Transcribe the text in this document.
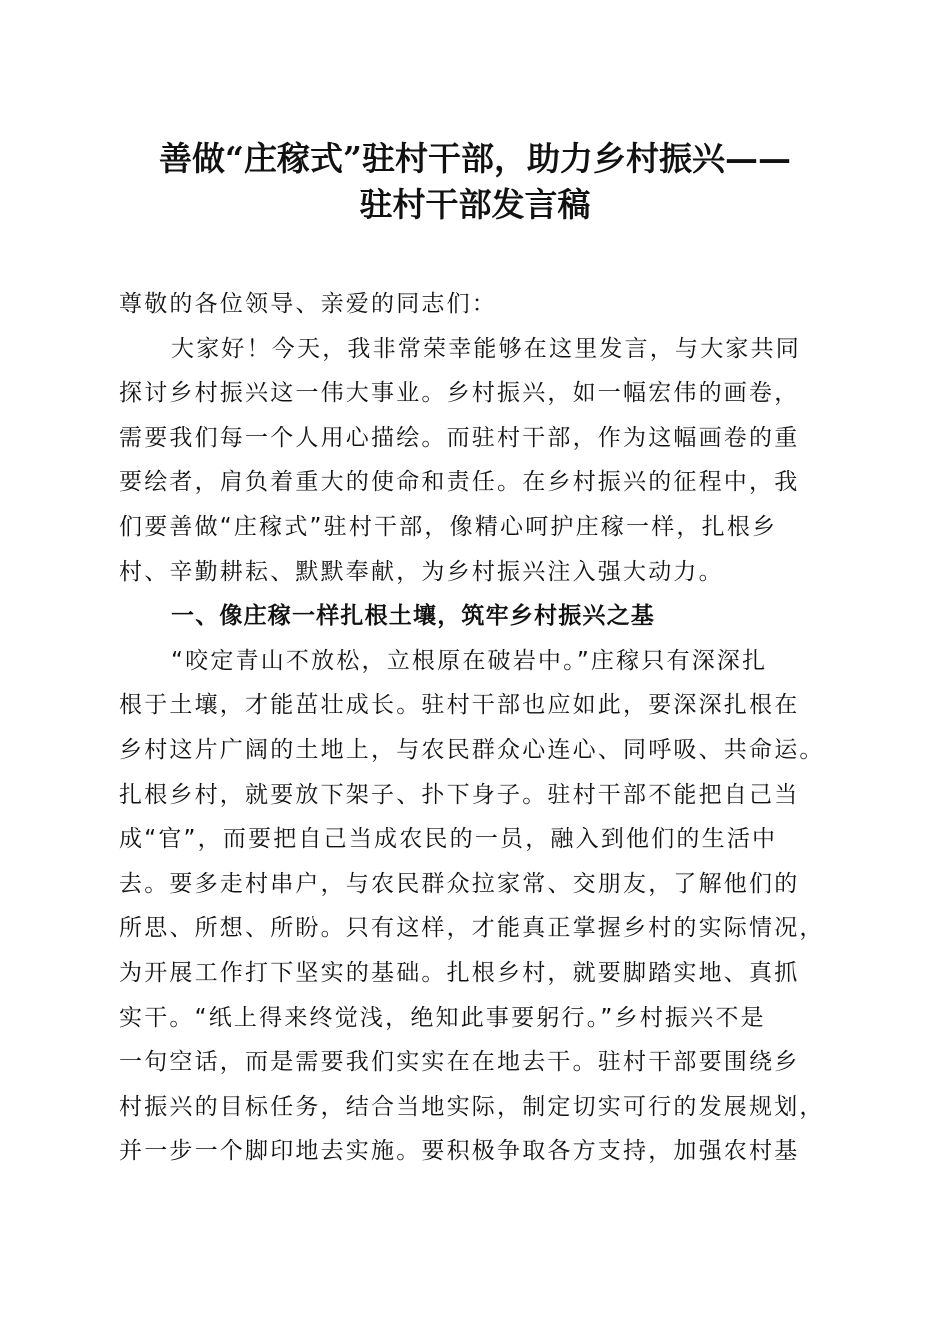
善做“庄稼式”驻村干部，助力乡村振兴——
驻村干部发言稿
尊敬的各位领导、亲爱的同志们：
大家好！今天，我非常荣幸能够在这里发言，与大家共同
探讨乡村振兴这一伟大事业。乡村振兴，如一幅宏伟的画卷，
需要我们每一个人用心描绘。而驻村干部，作为这幅画卷的重
要绘者，肩负着重大的使命和责任。在乡村振兴的征程中，我
们要善做“庄稼式”驻村干部，像精心呵护庄稼一样，扎根乡
村、辛勤耕耘、默默奉献，为乡村振兴注入强大动力。
一、像庄稼一样扎根土壤，筑牢乡村振兴之基
“咬定青山不放松，立根原在破岩中。”庄稼只有深深扎
根于土壤，才能茁壮成长。驻村干部也应如此，要深深扎根在
乡村这片广阔的土地上，与农民群众心连心、同呼吸、共命运。
扎根乡村，就要放下架子、扑下身子。驻村干部不能把自己当
成“官”，而要把自己当成农民的一员，融入到他们的生活中
去。要多走村串户，与农民群众拉家常、交朋友，了解他们的
所思、所想、所盼。只有这样，才能真正掌握乡村的实际情况，
为开展工作打下坚实的基础。扎根乡村，就要脚踏实地、真抓
实干。“纸上得来终觉浅，绝知此事要躬行。”乡村振兴不是
一句空话，而是需要我们实实在在地去干。驻村干部要围绕乡
村振兴的目标任务，结合当地实际，制定切实可行的发展规划，
并一步一个脚印地去实施。要积极争取各方支持，加强农村基
